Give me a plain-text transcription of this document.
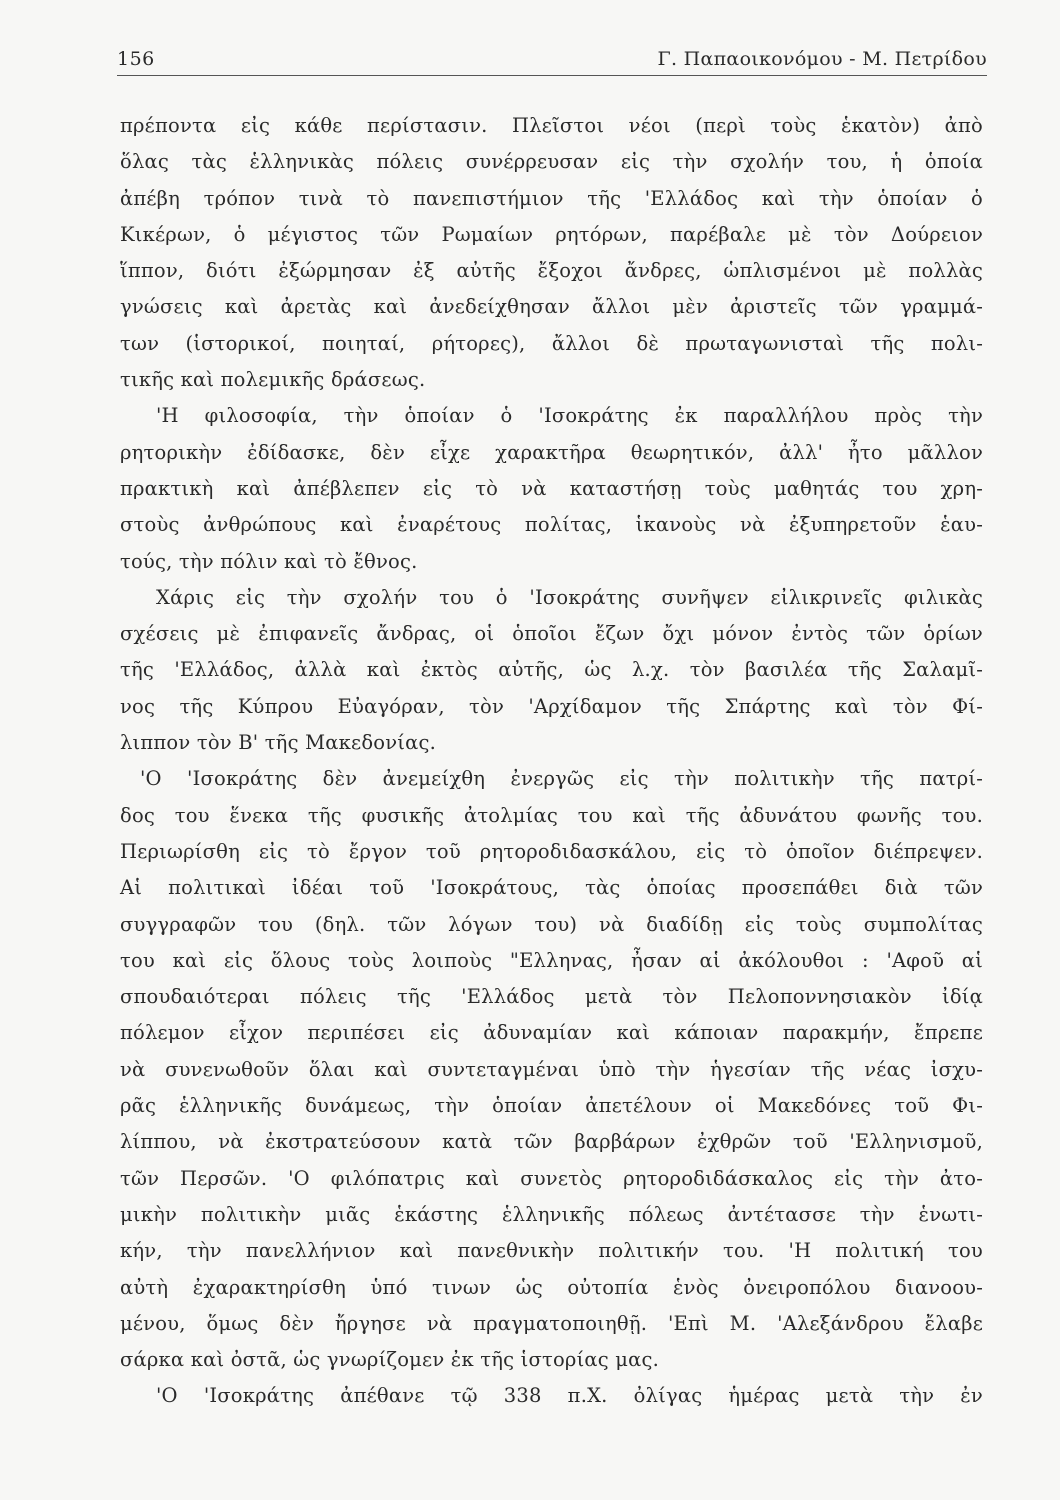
156	Γ. Παπαοικονόμου - Μ. Πετρίδου
πρέποντα εἰς κάθε περίστασιν. Πλεῖστοι νέοι (περὶ τοὺς ἑκατὸν) ἀπὸ
ὅλας τὰς ἑλληνικὰς πόλεις συνέρρευσαν εἰς τὴν σχολήν του, ἡ ὁποία
ἀπέβη τρόπον τινὰ τὸ πανεπιστήμιον τῆς 'Ελλάδος καὶ τὴν ὁποίαν ὁ
Κικέρων, ὁ μέγιστος τῶν Ρωμαίων ρητόρων, παρέβαλε μὲ τὸν Δούρειον
ἵππον, διότι ἐξώρμησαν ἐξ αὐτῆς ἔξοχοι ἄνδρες, ὡπλισμένοι μὲ πολλὰς
γνώσεις καὶ ἀρετὰς καὶ ἀνεδείχθησαν ἄλλοι μὲν ἀριστεῖς τῶν γραμμά-
των (ἱστορικοί, ποιηταί, ρήτορες), ἄλλοι δὲ πρωταγωνισταὶ τῆς πολι-
τικῆς καὶ πολεμικῆς δράσεως.
'Η φιλοσοφία, τὴν ὁποίαν ὁ 'Ισοκράτης ἐκ παραλλήλου πρὸς τὴν
ρητορικὴν ἐδίδασκε, δὲν εἶχε χαρακτῆρα θεωρητικόν, ἀλλ' ἦτο μᾶλλον
πρακτικὴ καὶ ἀπέβλεπεν εἰς τὸ νὰ καταστήσῃ τοὺς μαθητάς του χρη-
στοὺς ἀνθρώπους καὶ ἐναρέτους πολίτας, ἱκανοὺς νὰ ἐξυπηρετοῦν ἑαυ-
τούς, τὴν πόλιν καὶ τὸ ἔθνος.
Χάρις εἰς τὴν σχολήν του ὁ 'Ισοκράτης συνῆψεν εἰλικρινεῖς φιλικὰς
σχέσεις μὲ ἐπιφανεῖς ἄνδρας, οἱ ὁποῖοι ἔζων ὄχι μόνον ἐντὸς τῶν ὁρίων
τῆς 'Ελλάδος, ἀλλὰ καὶ ἐκτὸς αὐτῆς, ὡς λ.χ. τὸν βασιλέα τῆς Σαλαμῖ-
νος τῆς Κύπρου Εὐαγόραν, τὸν 'Αρχίδαμον τῆς Σπάρτης καὶ τὸν Φί-
λιππον τὸν Β' τῆς Μακεδονίας.
'Ο 'Ισοκράτης δὲν ἀνεμείχθη ἐνεργῶς εἰς τὴν πολιτικὴν τῆς πατρί-
δος του ἕνεκα τῆς φυσικῆς ἀτολμίας του καὶ τῆς ἀδυνάτου φωνῆς του.
Περιωρίσθη εἰς τὸ ἔργον τοῦ ρητοροδιδασκάλου, εἰς τὸ ὁποῖον διέπρεψεν.
Αἱ πολιτικαὶ ἰδέαι τοῦ 'Ισοκράτους, τὰς ὁποίας προσεπάθει διὰ τῶν
συγγραφῶν του (δηλ. τῶν λόγων του) νὰ διαδίδῃ εἰς τοὺς συμπολίτας
του καὶ εἰς ὅλους τοὺς λοιποὺς "Ελληνας, ἦσαν αἱ ἀκόλουθοι : 'Αφοῦ αἱ
σπουδαιότεραι πόλεις τῆς 'Ελλάδος μετὰ τὸν Πελοποννησιακὸν ἰδίᾳ
πόλεμον εἶχον περιπέσει εἰς ἀδυναμίαν καὶ κάποιαν παρακμήν, ἔπρεπε
νὰ συνενωθοῦν ὅλαι καὶ συντεταγμέναι ὑπὸ τὴν ἡγεσίαν τῆς νέας ἰσχυ-
ρᾶς ἑλληνικῆς δυνάμεως, τὴν ὁποίαν ἀπετέλουν οἱ Μακεδόνες τοῦ Φι-
λίππου, νὰ ἐκστρατεύσουν κατὰ τῶν βαρβάρων ἐχθρῶν τοῦ 'Ελληνισμοῦ,
τῶν Περσῶν. 'Ο φιλόπατρις καὶ συνετὸς ρητοροδιδάσκαλος εἰς τὴν ἀτο-
μικὴν πολιτικὴν μιᾶς ἑκάστης ἑλληνικῆς πόλεως ἀντέτασσε τὴν ἑνωτι-
κήν, τὴν πανελλήνιον καὶ πανεθνικὴν πολιτικήν του. 'Η πολιτική του
αὐτὴ ἐχαρακτηρίσθη ὑπό τινων ὡς οὐτοπία ἑνὸς ὀνειροπόλου διανοου-
μένου, ὅμως δὲν ἤργησε νὰ πραγματοποιηθῇ. 'Επὶ Μ. 'Αλεξάνδρου ἔλαβε
σάρκα καὶ ὀστᾶ, ὡς γνωρίζομεν ἐκ τῆς ἱστορίας μας.
'Ο 'Ισοκράτης ἀπέθανε τῷ 338 π.Χ. ὀλίγας ἡμέρας μετὰ τὴν ἐν
